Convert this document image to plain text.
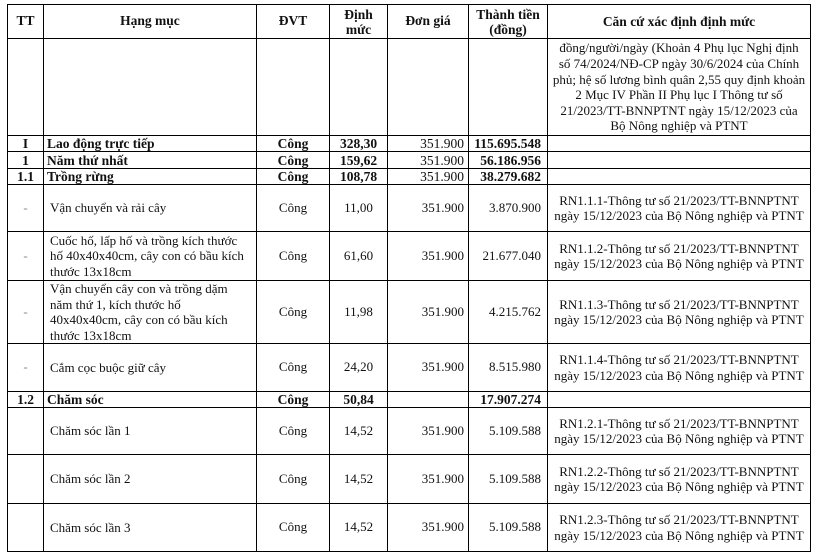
TT	Hạng mục	ĐVT	Định mức	Đơn giá	Thành tiền (đồng)	Căn cứ xác định định mức
						đồng/người/ngày (Khoản 4 Phụ lục Nghị định số 74/2024/NĐ-CP ngày 30/6/2024 của Chính phủ; hệ số lương bình quân 2,55 quy định khoản 2 Mục IV Phần II Phụ lục I Thông tư số 21/2023/TT-BNNPTNT ngày 15/12/2023 của Bộ Nông nghiệp và PTNT
I	Lao động trực tiếp	Công	328,30	351.900	115.695.548	
1	Năm thứ nhất	Công	159,62	351.900	56.186.956	
1.1	Trồng rừng	Công	108,78	351.900	38.279.682	
-	Vận chuyển và rải cây	Công	11,00	351.900	3.870.900	RN1.1.1-Thông tư số 21/2023/TT-BNNPTNT ngày 15/12/2023 của Bộ Nông nghiệp và PTNT
-	Cuốc hố, lấp hố và trồng kích thước hố 40x40x40cm, cây con có bầu kích thước 13x18cm	Công	61,60	351.900	21.677.040	RN1.1.2-Thông tư số 21/2023/TT-BNNPTNT ngày 15/12/2023 của Bộ Nông nghiệp và PTNT
-	Vận chuyển cây con và trồng dặm năm thứ 1, kích thước hố 40x40x40cm, cây con có bầu kích thước 13x18cm	Công	11,98	351.900	4.215.762	RN1.1.3-Thông tư số 21/2023/TT-BNNPTNT ngày 15/12/2023 của Bộ Nông nghiệp và PTNT
-	Cắm cọc buộc giữ cây	Công	24,20	351.900	8.515.980	RN1.1.4-Thông tư số 21/2023/TT-BNNPTNT ngày 15/12/2023 của Bộ Nông nghiệp và PTNT
1.2	Chăm sóc	Công	50,84		17.907.274	
	Chăm sóc lần 1	Công	14,52	351.900	5.109.588	RN1.2.1-Thông tư số 21/2023/TT-BNNPTNT ngày 15/12/2023 của Bộ Nông nghiệp và PTNT
	Chăm sóc lần 2	Công	14,52	351.900	5.109.588	RN1.2.2-Thông tư số 21/2023/TT-BNNPTNT ngày 15/12/2023 của Bộ Nông nghiệp và PTNT
	Chăm sóc lần 3	Công	14,52	351.900	5.109.588	RN1.2.3-Thông tư số 21/2023/TT-BNNPTNT ngày 15/12/2023 của Bộ Nông nghiệp và PTNT
